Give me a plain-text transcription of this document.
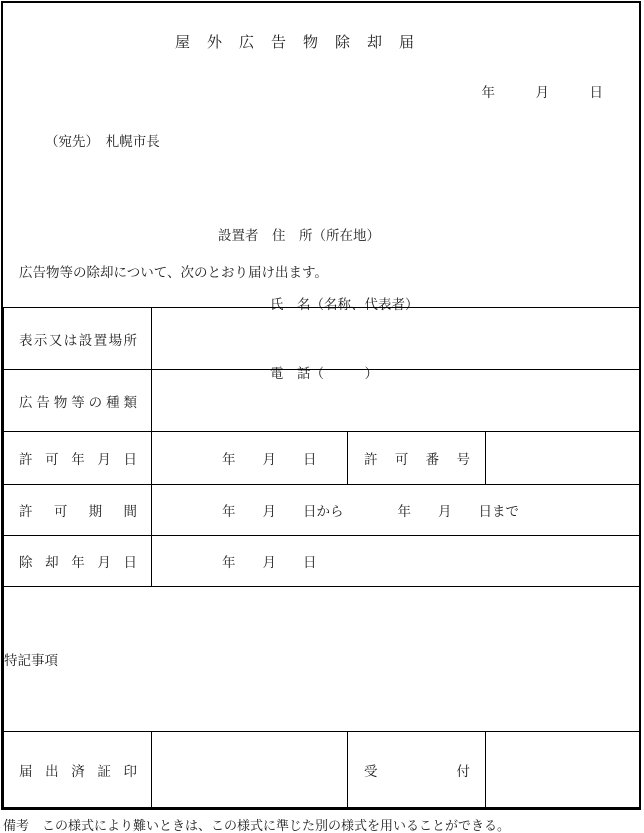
屋外広告物除却届
年　　　月　　　日
（宛先）　札幌市長

設置者　住　所（所在地）

氏　名（名称、代表者）

電　話（　　　）

広告物等の除却について、次のとおり届け出ます。
表示又は設置場所			
広告物等の種類			
許可年月日	年　　月　　日	許可番号	
許可期間	年　　月　　日から　　　　年　　月　　日まで		

除却年月日	年　　月　　日		

特記事項			
届出済証印		受付	
備考　この様式により難いときは、この様式に準じた別の様式を用いることができる。
